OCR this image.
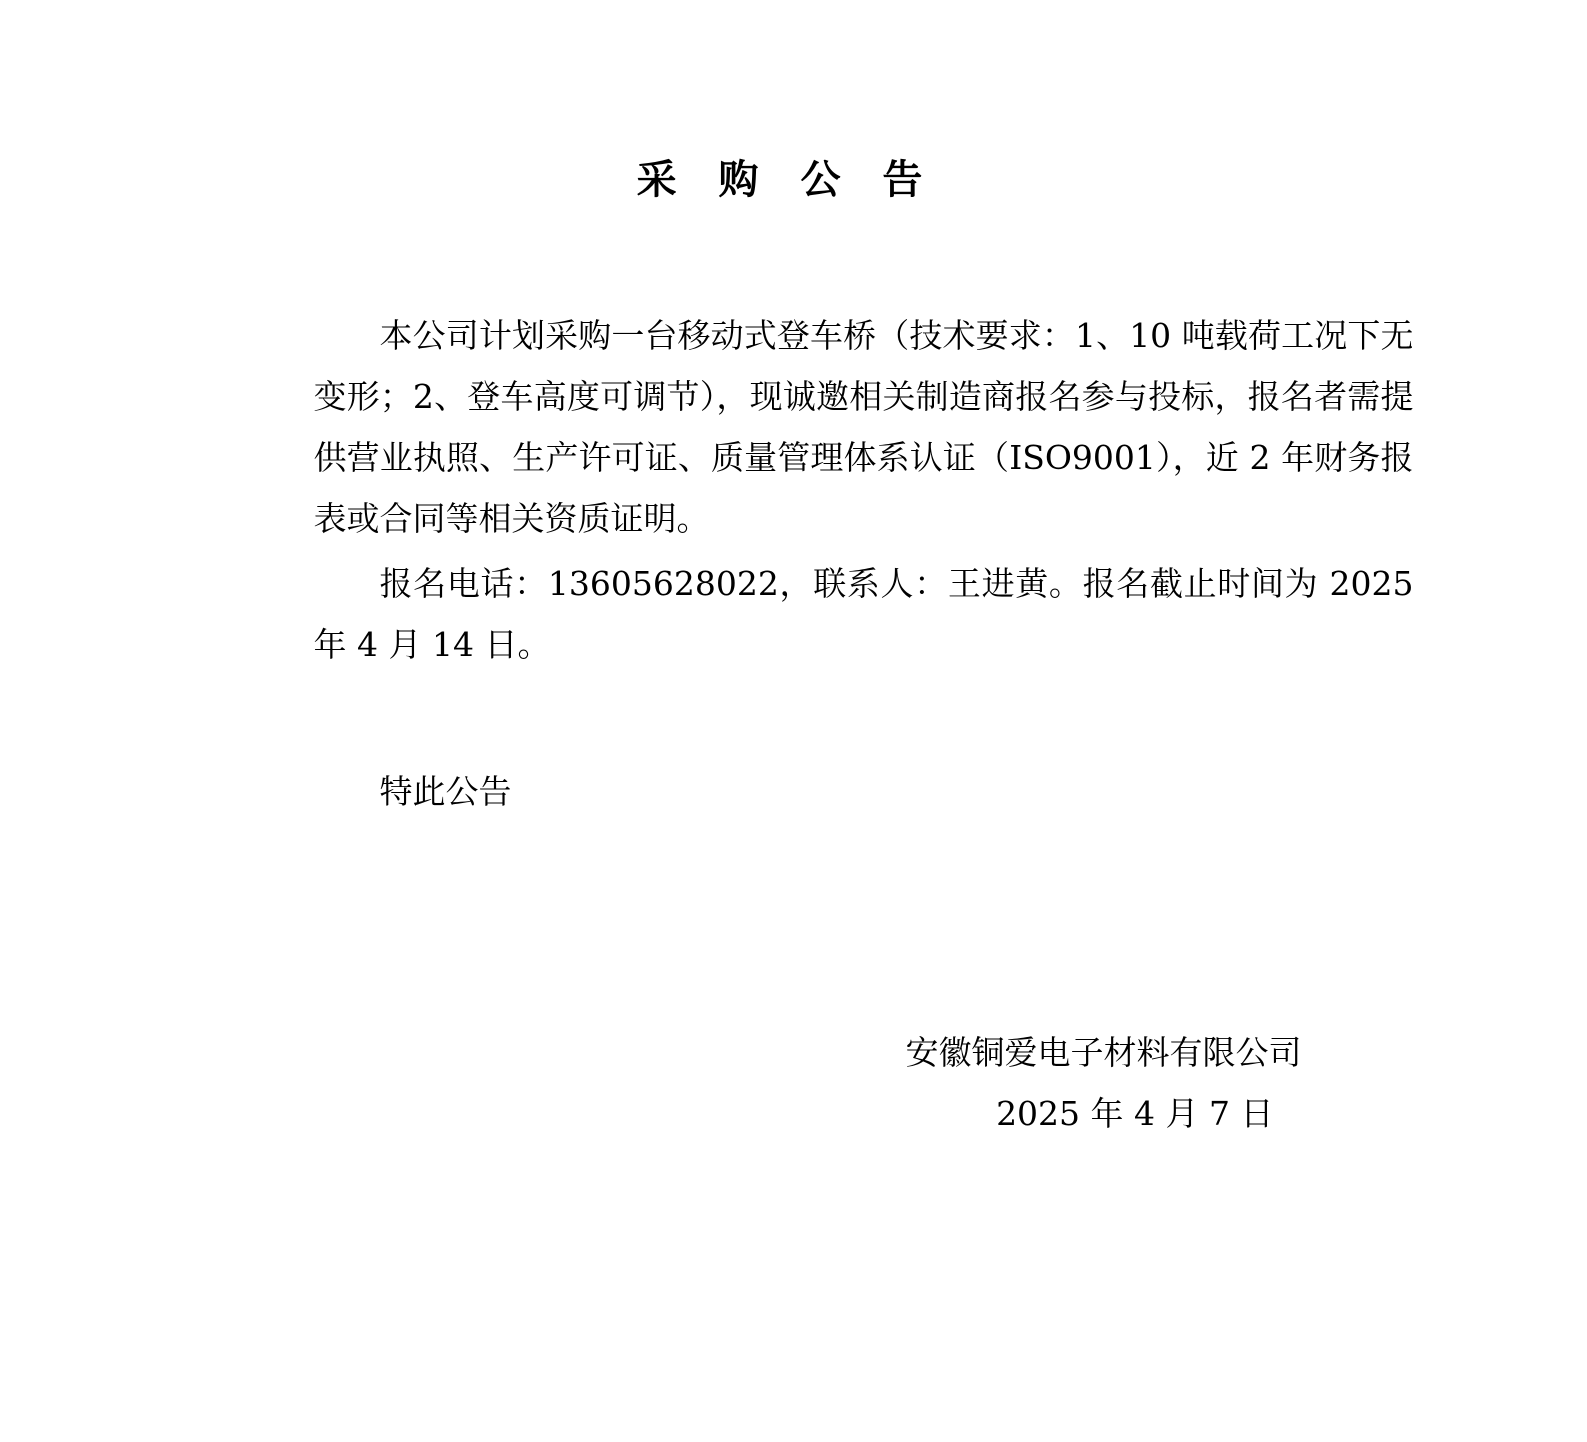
采 购 公 告

本公司计划采购一台移动式登车桥（技术要求：1、10 吨载荷工况下无变形；2、登车高度可调节），现诚邀相关制造商报名参与投标，报名者需提供营业执照、生产许可证、质量管理体系认证（ISO9001），近 2 年财务报表或合同等相关资质证明。

报名电话：13605628022，联系人：王进黄。报名截止时间为 2025 年 4 月 14 日。

特此公告

安徽铜爱电子材料有限公司
2025 年 4 月 7 日
